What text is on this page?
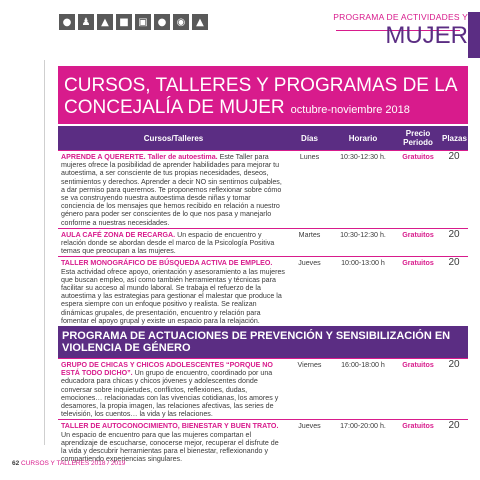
●	♟	▲	■ ▣ ●	◉	▲	PROGRAMA DE ACTIVIDADES Y
MUJER
CURSOS, TALLERES Y PROGRAMAS DE LA
CONCEJALÍA DE MUJER octubre-noviembre 2018
Cursos/Talleres	Días	Horario	Precio
Periodo	Plazas
APRENDE A QUERERTE. Taller de autoestima. Este Taller para mujeres ofrece la posibilidad de aprender habilidades para mejorar tu autoestima, a ser consciente de tus propias necesidades, deseos, sentimientos y derechos. Aprender a decir NO sin sentirnos culpables, a dar permiso para querernos. Te proponemos reflexionar sobre cómo se va construyendo nuestra autoestima desde niñas y tomar conciencia de los mensajes que hemos recibido en relación a nuestro género para poder ser conscientes de lo que nos pasa y manejarlo conforme a nuestras necesidades.	Lunes	10:30-12:30 h.	Gratuitos	20
AULA CAFÉ ZONA DE RECARGA. Un espacio de encuentro y relación donde se abordan desde el marco de la Psicología Positiva temas que preocupan a las mujeres.	Martes	10:30-12:30 h.	Gratuitos	20
TALLER MONOGRÁFICO DE BÚSQUEDA ACTIVA DE EMPLEO. Esta actividad ofrece apoyo, orientación y asesoramiento a las mujeres que buscan empleo, así como también herramientas y técnicas para facilitar su acceso al mundo laboral. Se trabaja el refuerzo de la autoestima y las estrategias para gestionar el malestar que produce la espera siempre con un enfoque positivo y realista. Se realizan dinámicas grupales, de presentación, encuentro y relación para fomentar el apoyo grupal y existe un espacio para la relajación.	Jueves	10:00-13:00 h	Gratuitos	20
PROGRAMA DE ACTUACIONES DE PREVENCIÓN Y SENSIBILIZACIÓN EN VIOLENCIA DE GÉNERO				
GRUPO DE CHICAS Y CHICOS ADOLESCENTES “PORQUE NO ESTÁ TODO DICHO”. Un grupo de encuentro, coordinado por una educadora para chicas y chicos jóvenes y adolescentes donde conversar sobre inquietudes, conflictos, reflexiones, dudas, emociones… relacionadas con las vivencias cotidianas, los amores y desamores, la propia imagen, las relaciones afectivas, las series de televisión, los cuentos… la vida y las relaciones.	Viernes	16:00-18:00 h	Gratuitos	20
TALLER DE AUTOCONOCIMIENTO, BIENESTAR Y BUEN TRATO. Un espacio de encuentro para que las mujeres compartan el aprendizaje de escucharse, conocerse mejor, recuperar el disfrute de la vida y descubrir herramientas para el bienestar, reflexionando y compartiendo experiencias singulares.	Jueves	17:00-20:00 h.	Gratuitos	20
62 CURSOS Y TALLERES 2018 / 2019
